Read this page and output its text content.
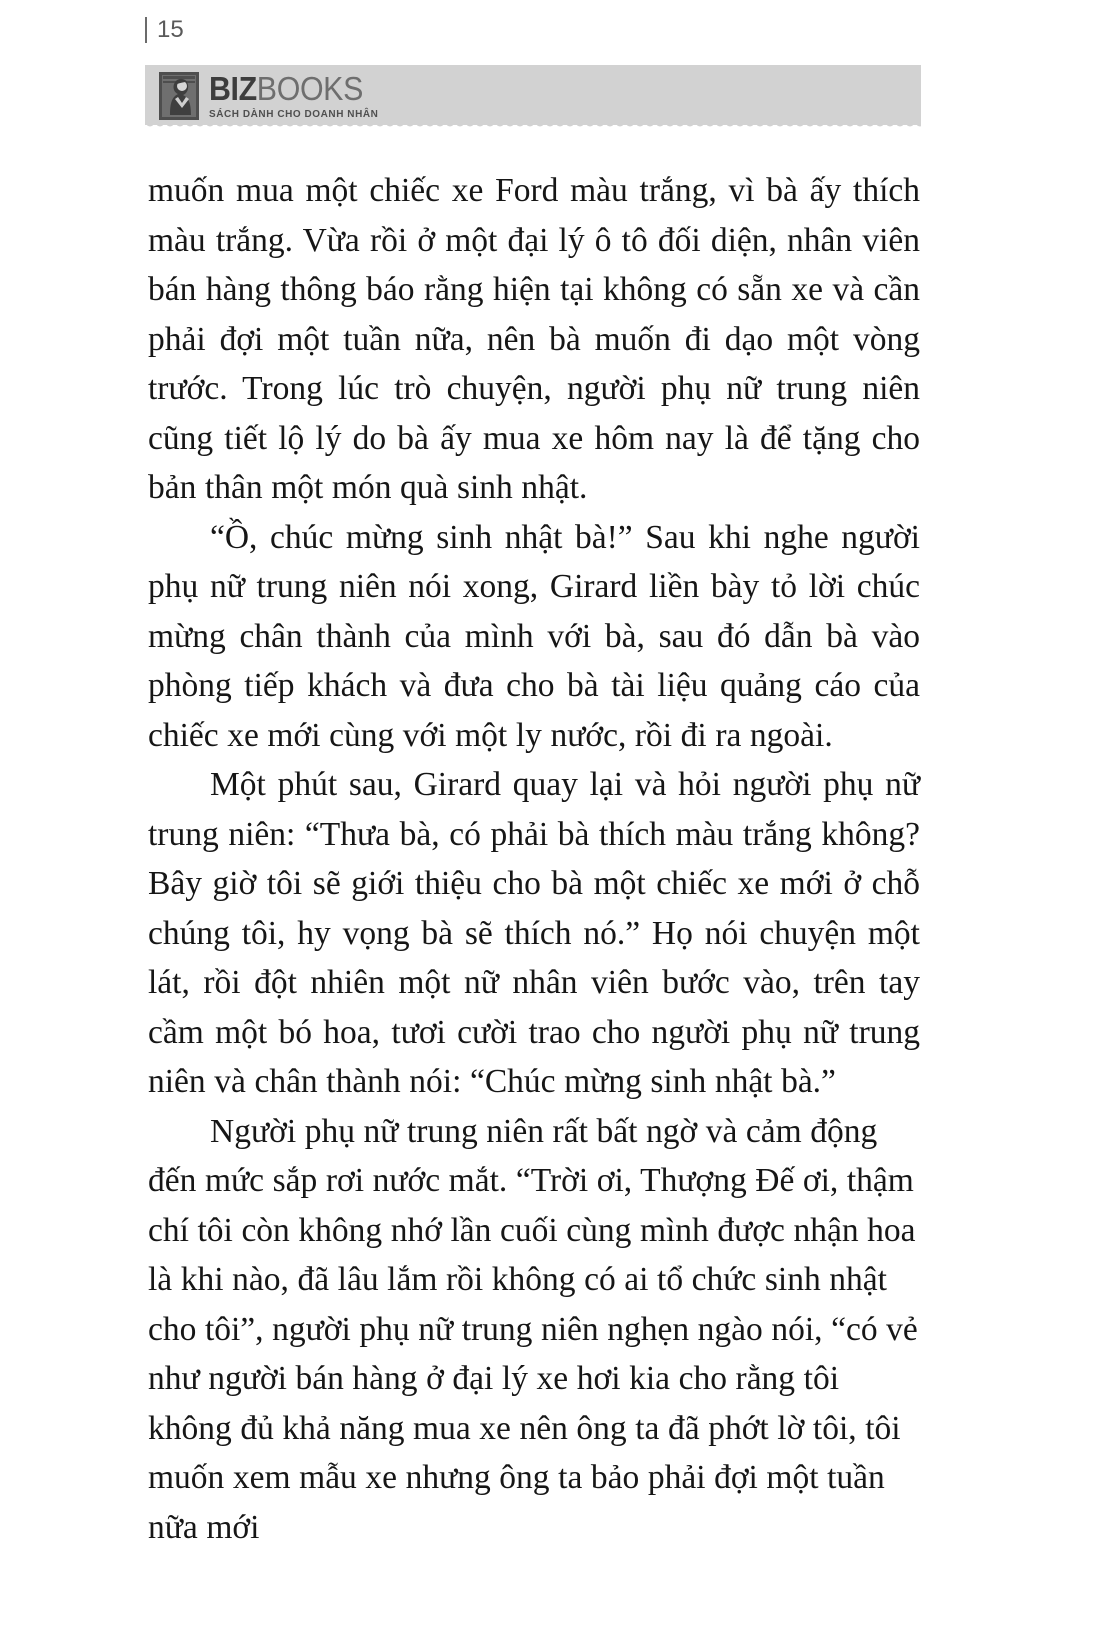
BIZBOOKS
SÁCH DÀNH CHO DOANH NHÂN
15

muốn mua một chiếc xe Ford màu trắng, vì bà ấy thích màu trắng. Vừa rồi ở một đại lý ô tô đối diện, nhân viên bán hàng thông báo rằng hiện tại không có sẵn xe và cần phải đợi một tuần nữa, nên bà muốn đi dạo một vòng trước. Trong lúc trò chuyện, người phụ nữ trung niên cũng tiết lộ lý do bà ấy mua xe hôm nay là để tặng cho bản thân một món quà sinh nhật.

“Ồ, chúc mừng sinh nhật bà!” Sau khi nghe người phụ nữ trung niên nói xong, Girard liền bày tỏ lời chúc mừng chân thành của mình với bà, sau đó dẫn bà vào phòng tiếp khách và đưa cho bà tài liệu quảng cáo của chiếc xe mới cùng với một ly nước, rồi đi ra ngoài.

Một phút sau, Girard quay lại và hỏi người phụ nữ trung niên: “Thưa bà, có phải bà thích màu trắng không? Bây giờ tôi sẽ giới thiệu cho bà một chiếc xe mới ở chỗ chúng tôi, hy vọng bà sẽ thích nó.” Họ nói chuyện một lát, rồi đột nhiên một nữ nhân viên bước vào, trên tay cầm một bó hoa, tươi cười trao cho người phụ nữ trung niên và chân thành nói: “Chúc mừng sinh nhật bà.”

Người phụ nữ trung niên rất bất ngờ và cảm động đến mức sắp rơi nước mắt. “Trời ơi, Thượng Đế ơi, thậm chí tôi còn không nhớ lần cuối cùng mình được nhận hoa là khi nào, đã lâu lắm rồi không có ai tổ chức sinh nhật cho tôi”, người phụ nữ trung niên nghẹn ngào nói, “có vẻ như người bán hàng ở đại lý xe hơi kia cho rằng tôi không đủ khả năng mua xe nên ông ta đã phớt lờ tôi, tôi muốn xem mẫu xe nhưng ông ta bảo phải đợi một tuần nữa mới
